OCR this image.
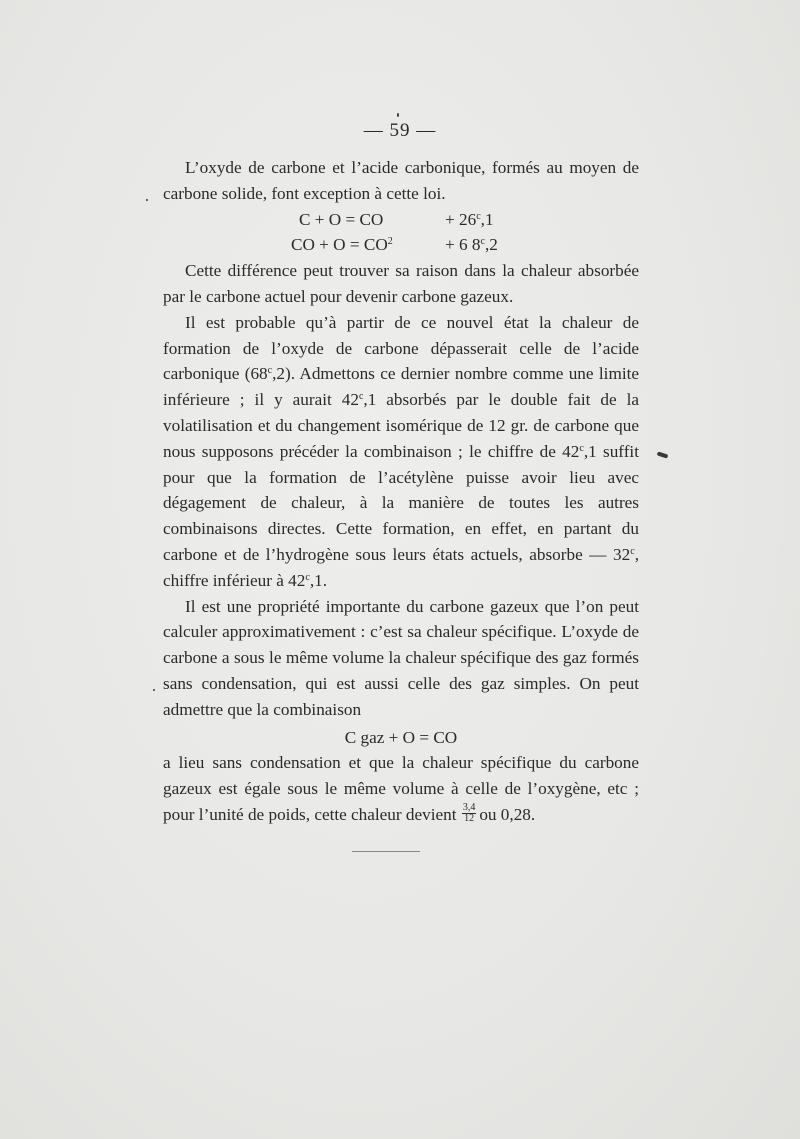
— 59 —

L’oxyde de carbone et l’acide carbonique, formés au moyen de carbone solide, font exception à cette loi.

C + O = CO	+ $26^c,1$
CO + $O = CO^2$	+ 6 8$^c$,2

Cette différence peut trouver sa raison dans la chaleur absorbée par le carbone actuel pour devenir carbone gazeux.

Il est probable qu’à partir de ce nouvel état la chaleur de formation de l’oxyde de carbone dépasserait celle de l’acide carbonique (68$^c$,2). Admettons ce dernier nombre comme une limite inférieure ; il y aurait 42$^c$,1 absorbés par le double fait de la volatilisation et du changement isomérique de 12 gr. de carbone que nous supposons précéder la combinaison ; le chiffre de 42$^c$,1 suffit pour que la formation de l’acétylène puisse avoir lieu avec dégagement de chaleur, à la manière de toutes les autres combinaisons directes. Cette formation, en effet, en partant du carbone et de l’hydrogène sous leurs états actuels, absorbe — 32$^c$, chiffre inférieur à 42$^c$,1.

Il est une propriété importante du carbone gazeux que l’on peut calculer approximativement : c’est sa chaleur spécifique. L’oxyde de carbone a sous le même volume la chaleur spécifique des gaz formés sans condensation, qui est aussi celle des gaz simples. On peut admettre que la combinaison

C gaz + O = CO

a lieu sans condensation et que la chaleur spécifique du carbone gazeux est égale sous le même volume à celle de l’oxygène, etc ; pour l’unité de poids, cette chaleur devient $\frac{3,4}{12}$ ou 0,28.
